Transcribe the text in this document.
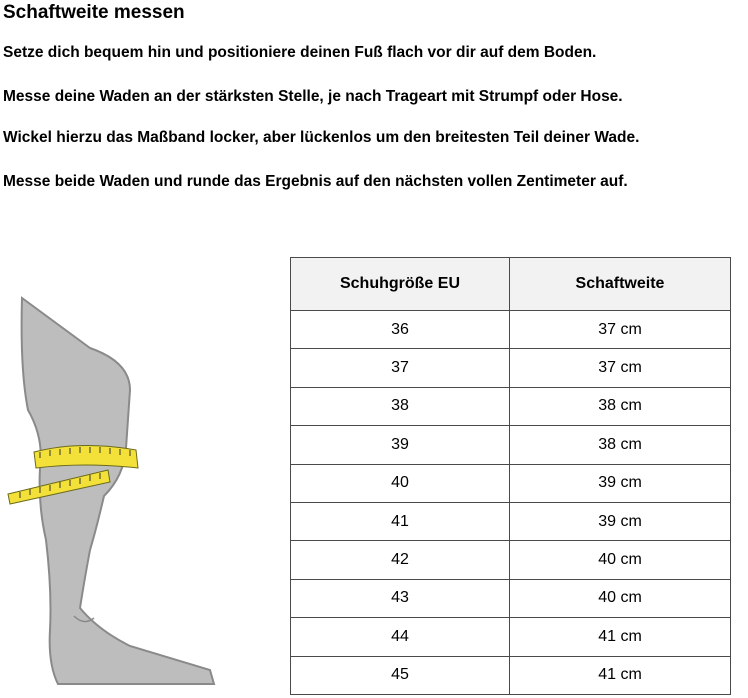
Schaftweite messen
Setze dich bequem hin und positioniere deinen Fuß flach vor dir auf dem Boden.
Messe deine Waden an der stärksten Stelle, je nach Trageart mit Strumpf oder Hose.
Wickel hierzu das Maßband locker, aber lückenlos um den breitesten Teil deiner Wade.
Messe beide Waden und runde das Ergebnis auf den nächsten vollen Zentimeter auf.
Schuhgröße EU	Schaftweite
36	37 cm
37	37 cm
38	38 cm
39	38 cm
40	39 cm
41	39 cm
42	40 cm
43	40 cm
44	41 cm
45	41 cm
